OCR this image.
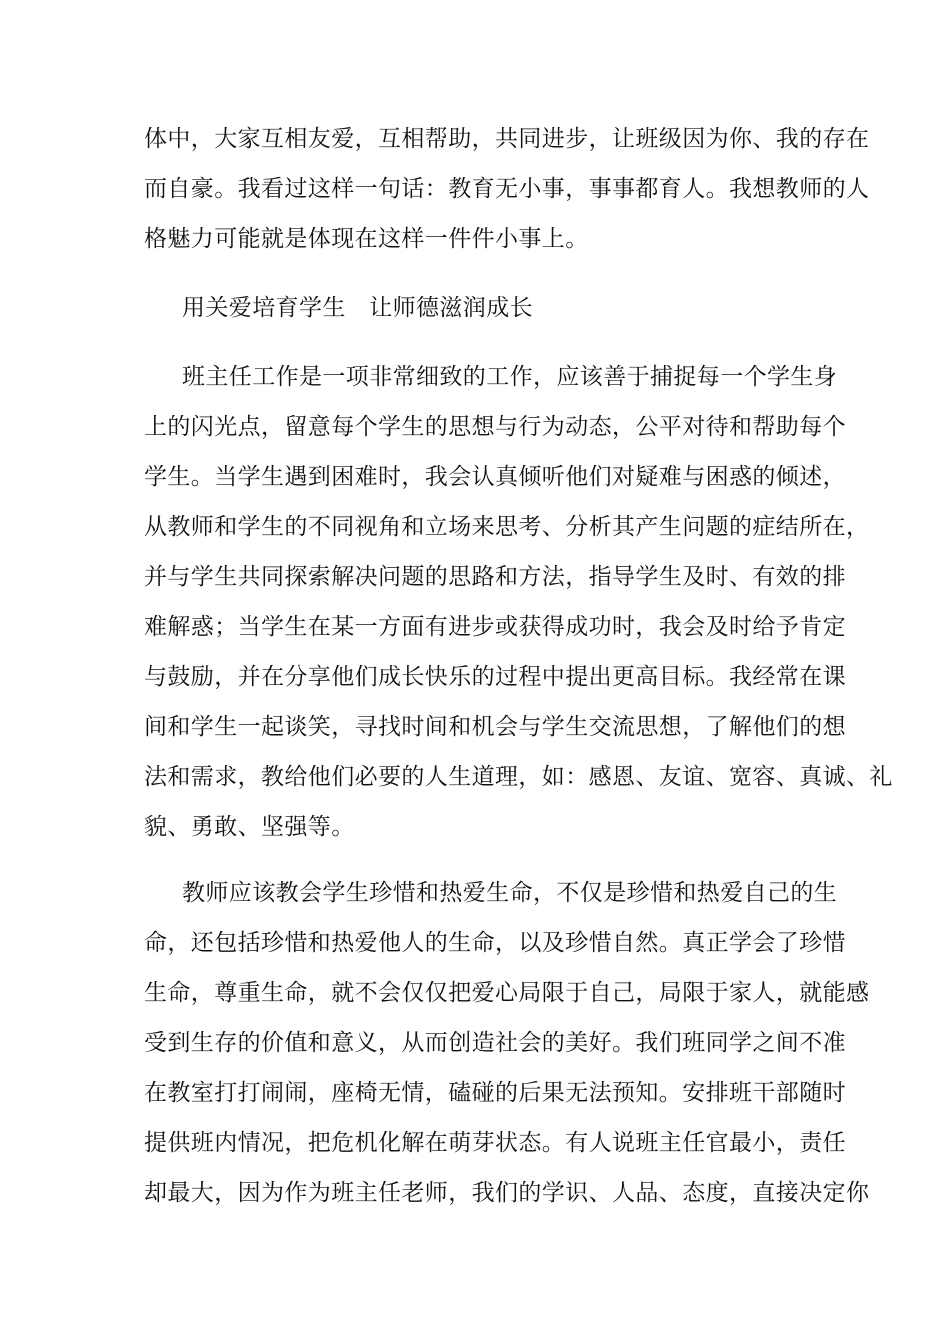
体中，大家互相友爱，互相帮助，共同进步，让班级因为你、我的存在
而自豪。我看过这样一句话：教育无小事，事事都育人。我想教师的人
格魅力可能就是体现在这样一件件小事上。
用关爱培育学生　让师德滋润成长
班主任工作是一项非常细致的工作，应该善于捕捉每一个学生身
上的闪光点，留意每个学生的思想与行为动态，公平对待和帮助每个
学生。当学生遇到困难时，我会认真倾听他们对疑难与困惑的倾述，
从教师和学生的不同视角和立场来思考、分析其产生问题的症结所在，
并与学生共同探索解决问题的思路和方法，指导学生及时、有效的排
难解惑；当学生在某一方面有进步或获得成功时，我会及时给予肯定
与鼓励，并在分享他们成长快乐的过程中提出更高目标。我经常在课
间和学生一起谈笑，寻找时间和机会与学生交流思想，了解他们的想
法和需求，教给他们必要的人生道理，如：感恩、友谊、宽容、真诚、礼
貌、勇敢、坚强等。
教师应该教会学生珍惜和热爱生命，不仅是珍惜和热爱自己的生
命，还包括珍惜和热爱他人的生命，以及珍惜自然。真正学会了珍惜
生命，尊重生命，就不会仅仅把爱心局限于自己，局限于家人，就能感
受到生存的价值和意义，从而创造社会的美好。我们班同学之间不准
在教室打打闹闹，座椅无情，磕碰的后果无法预知。安排班干部随时
提供班内情况，把危机化解在萌芽状态。有人说班主任官最小，责任
却最大，因为作为班主任老师，我们的学识、人品、态度，直接决定你
